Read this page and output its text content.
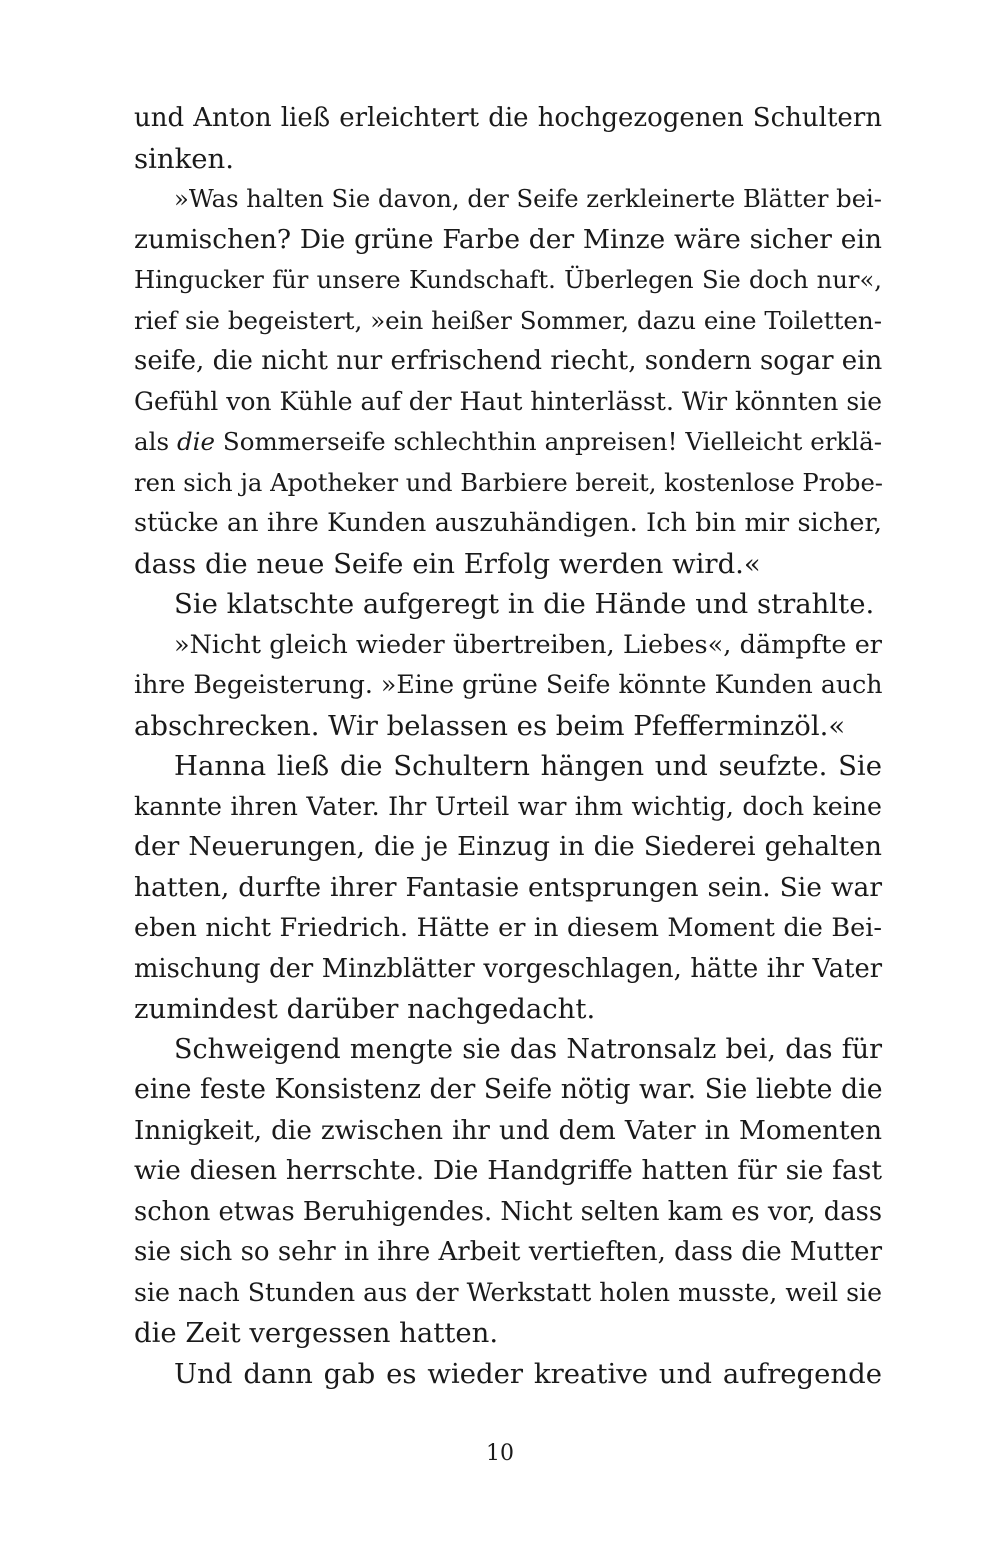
und Anton ließ erleichtert die hochgezogenen Schultern
sinken.
»Was halten Sie davon, der Seife zerkleinerte Blätter bei-
zumischen? Die grüne Farbe der Minze wäre sicher ein
Hingucker für unsere Kundschaft. Überlegen Sie doch nur«,
rief sie begeistert, »ein heißer Sommer, dazu eine Toiletten-
seife, die nicht nur erfrischend riecht, sondern sogar ein
Gefühl von Kühle auf der Haut hinterlässt. Wir könnten sie
als die Sommerseife schlechthin anpreisen! Vielleicht erklä-
ren sich ja Apotheker und Barbiere bereit, kostenlose Probe-
stücke an ihre Kunden auszuhändigen. Ich bin mir sicher,
dass die neue Seife ein Erfolg werden wird.«
Sie klatschte aufgeregt in die Hände und strahlte.
»Nicht gleich wieder übertreiben, Liebes«, dämpfte er
ihre Begeisterung. »Eine grüne Seife könnte Kunden auch
abschrecken. Wir belassen es beim Pfefferminzöl.«
Hanna ließ die Schultern hängen und seufzte. Sie
kannte ihren Vater. Ihr Urteil war ihm wichtig, doch keine
der Neuerungen, die je Einzug in die Siederei gehalten
hatten, durfte ihrer Fantasie entsprungen sein. Sie war
eben nicht Friedrich. Hätte er in diesem Moment die Bei-
mischung der Minzblätter vorgeschlagen, hätte ihr Vater
zumindest darüber nachgedacht.
Schweigend mengte sie das Natronsalz bei, das für
eine feste Konsistenz der Seife nötig war. Sie liebte die
Innigkeit, die zwischen ihr und dem Vater in Momenten
wie diesen herrschte. Die Handgriffe hatten für sie fast
schon etwas Beruhigendes. Nicht selten kam es vor, dass
sie sich so sehr in ihre Arbeit vertieften, dass die Mutter
sie nach Stunden aus der Werkstatt holen musste, weil sie
die Zeit vergessen hatten.
Und dann gab es wieder kreative und aufregende
10
